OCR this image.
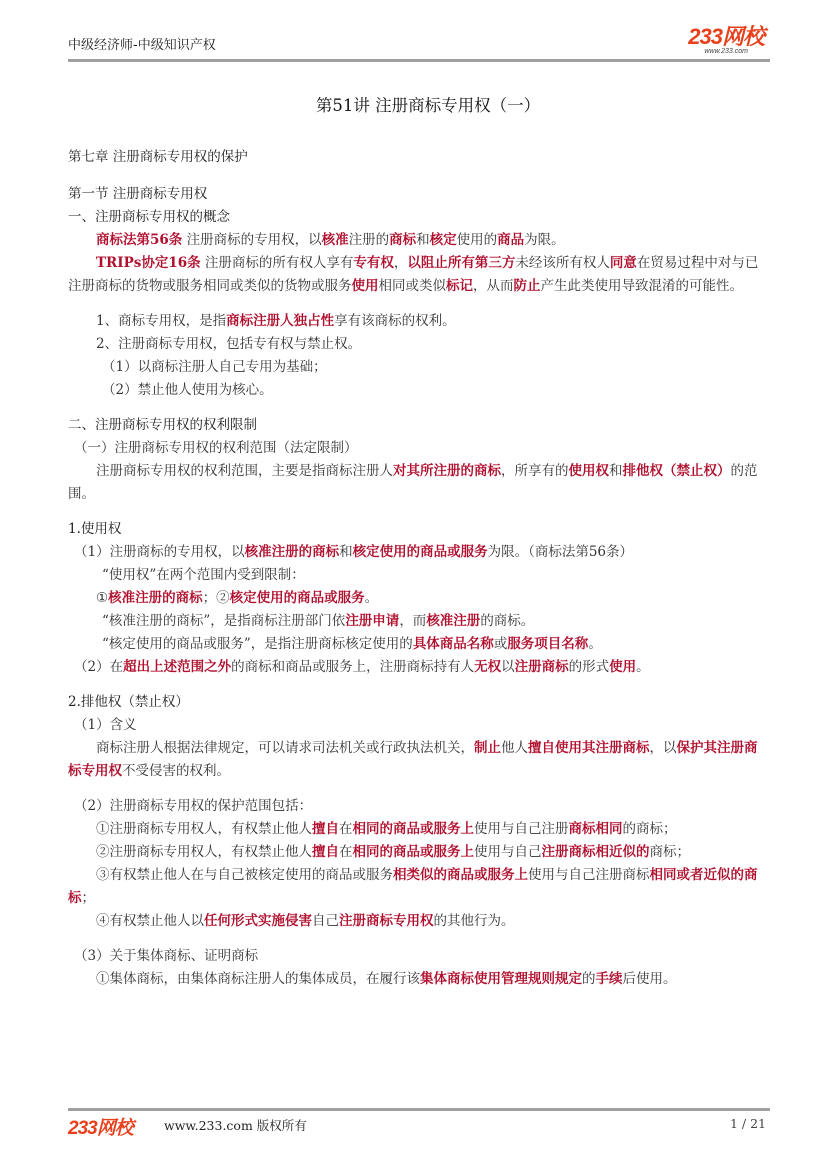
中级经济师-中级知识产权	233网校
www.233.com
第51讲 注册商标专用权（一）
第七章 注册商标专用权的保护
第一节 注册商标专用权
一、注册商标专用权的概念
商标法第56条 注册商标的专用权，以核准注册的商标和核定使用的商品为限。
TRIPs协定16条 注册商标的所有权人享有专有权，以阻止所有第三方未经该所有权人同意在贸易过程中对与已注册商标的货物或服务相同或类似的货物或服务使用相同或类似标记，从而防止产生此类使用导致混淆的可能性。
1、商标专用权，是指商标注册人独占性享有该商标的权利。
2、注册商标专用权，包括专有权与禁止权。
（1）以商标注册人自己专用为基础；
（2）禁止他人使用为核心。
二、注册商标专用权的权利限制
（一）注册商标专用权的权利范围（法定限制）
注册商标专用权的权利范围，主要是指商标注册人对其所注册的商标，所享有的使用权和排他权（禁止权）的范围。
1.使用权
（1）注册商标的专用权，以核准注册的商标和核定使用的商品或服务为限。（商标法第56条）
“使用权”在两个范围内受到限制：
①核准注册的商标；②核定使用的商品或服务。
“核准注册的商标”，是指商标注册部门依注册申请，而核准注册的商标。
“核定使用的商品或服务”，是指注册商标核定使用的具体商品名称或服务项目名称。
（2）在超出上述范围之外的商标和商品或服务上，注册商标持有人无权以注册商标的形式使用。
2.排他权（禁止权）
（1）含义
商标注册人根据法律规定，可以请求司法机关或行政执法机关，制止他人擅自使用其注册商标，以保护其注册商标专用权不受侵害的权利。
（2）注册商标专用权的保护范围包括：
①注册商标专用权人，有权禁止他人擅自在相同的商品或服务上使用与自己注册商标相同的商标；
②注册商标专用权人，有权禁止他人擅自在相同的商品或服务上使用与自己注册商标相近似的商标；
③有权禁止他人在与自己被核定使用的商品或服务相类似的商品或服务上使用与自己注册商标相同或者近似的商标；
④有权禁止他人以任何形式实施侵害自己注册商标专用权的其他行为。
（3）关于集体商标、证明商标
①集体商标，由集体商标注册人的集体成员，在履行该集体商标使用管理规则规定的手续后使用。
233网校	www.233.com 版权所有	1 / 21
